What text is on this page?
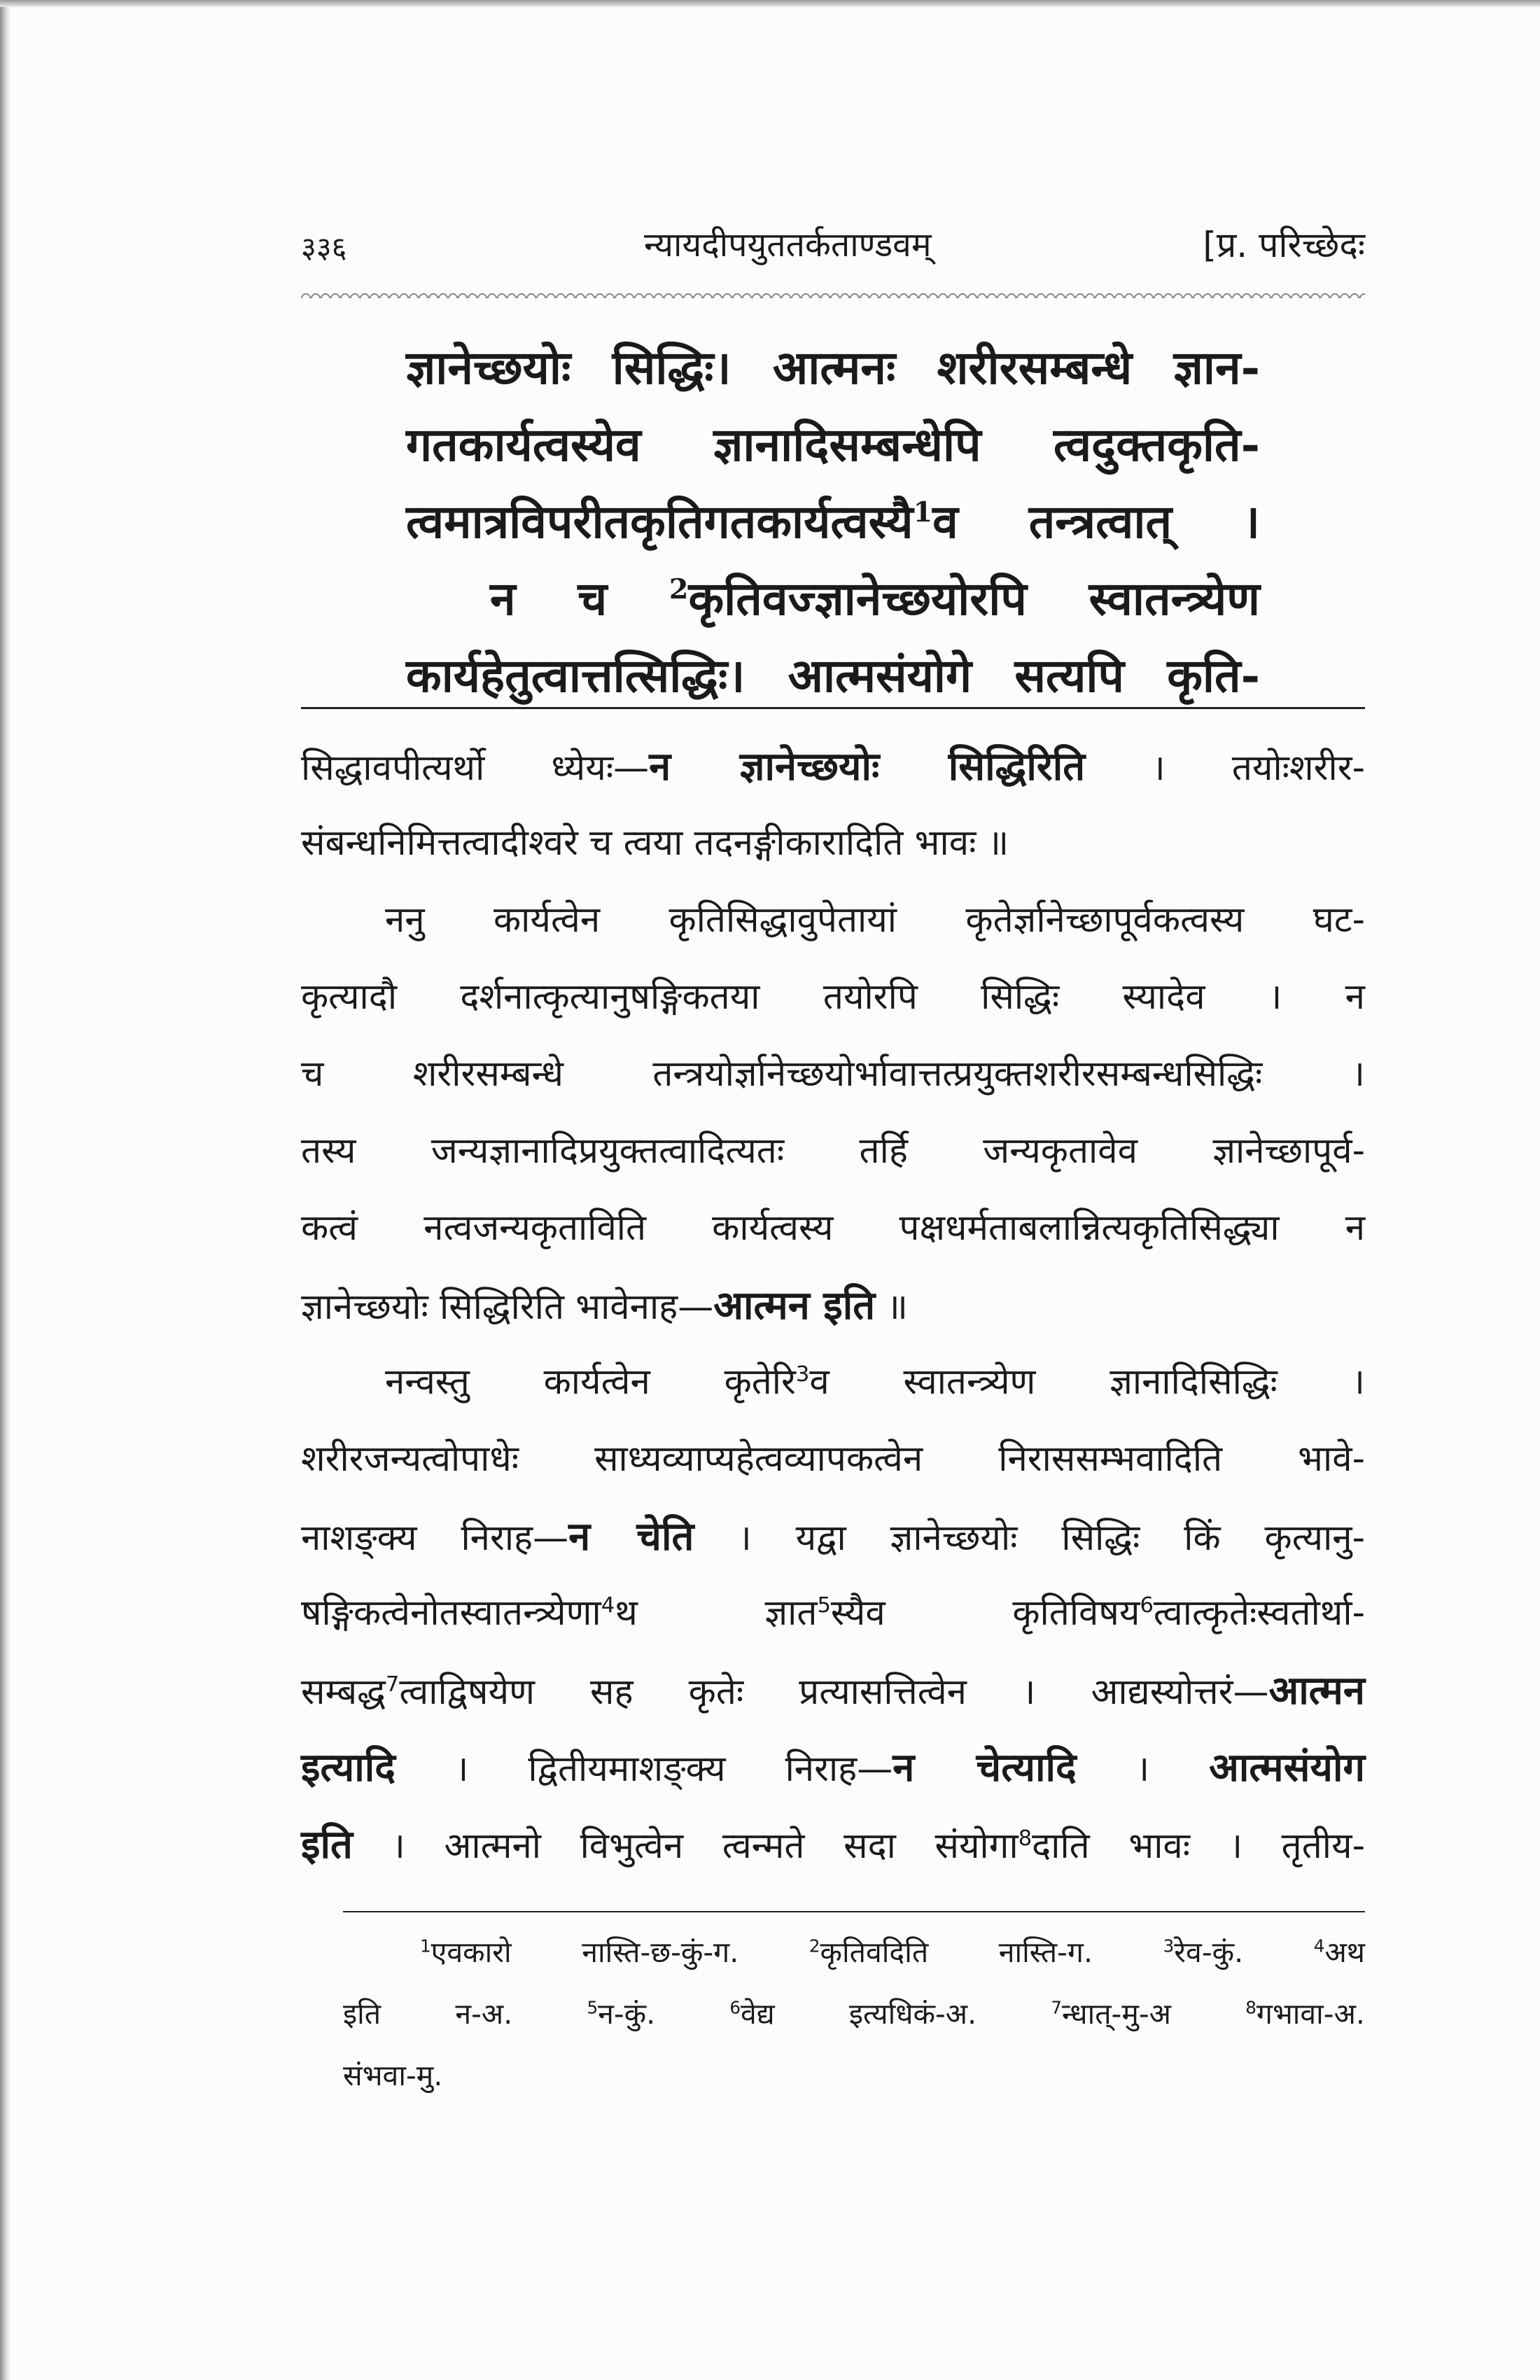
३३६	न्यायदीपयुततर्कताण्डवम्	[प्र. परिच्छेदः
ज्ञानेच्छयोः सिद्धिः। आत्मनः शरीरसम्बन्धे ज्ञान-
गतकार्यत्वस्येव ज्ञानादिसम्बन्धेपि त्वदुक्तकृति-
त्वमात्रविपरीतकृतिगतकार्यत्वस्यै$^1$व तन्त्रत्वात् ।
न च $^2$कृतिवज्ज्ञानेच्छयोरपि स्वातन्त्र्येण
कार्यहेतुत्वात्तत्सिद्धिः। आत्मसंयोगे सत्यपि कृति-
सिद्धावपीत्यर्थो ध्येयः—न ज्ञानेच्छयोः सिद्धिरिति । तयोःशरीर-
संबन्धनिमित्तत्वादीश्वरे च त्वया तदनङ्गीकारादिति भावः ॥
ननु कार्यत्वेन कृतिसिद्धावुपेतायां कृतेर्ज्ञानेच्छापूर्वकत्वस्य घट-
कृत्यादौ दर्शनात्कृत्यानुषङ्गिकतया तयोरपि सिद्धिः स्यादेव । न
च शरीरसम्बन्धे तन्त्रयोर्ज्ञानेच्छयोर्भावात्तत्प्रयुक्तशरीरसम्बन्धसिद्धिः ।
तस्य जन्यज्ञानादिप्रयुक्तत्वादित्यतः तर्हि जन्यकृतावेव ज्ञानेच्छापूर्व-
कत्वं नत्वजन्यकृताविति कार्यत्वस्य पक्षधर्मताबलान्नित्यकृतिसिद्ध्या न
ज्ञानेच्छयोः सिद्धिरिति भावेनाह—आत्मन इति ॥
नन्वस्तु कार्यत्वेन कृतेरि$^3$व स्वातन्त्र्येण ज्ञानादिसिद्धिः ।
शरीरजन्यत्वोपाधेः साध्यव्याप्यहेत्वव्यापकत्वेन निराससम्भवादिति भावे-
नाशङ्क्य निराह—न चेति । यद्वा ज्ञानेच्छयोः सिद्धिः किं कृत्यानु-
षङ्गिकत्वेनोतस्वातन्त्र्येणा$^4$थ ज्ञात$^5$स्यैव कृतिविषय$^6$त्वात्कृतेःस्वतोर्था-
सम्बद्ध$^7$त्वाद्विषयेण सह कृतेः प्रत्यासत्तित्वेन । आद्यस्योत्तरं—आत्मन
इत्यादि । द्वितीयमाशङ्क्य निराह—न चेत्यादि । आत्मसंयोग
इति । आत्मनो विभुत्वेन त्वन्मते सदा संयोगा$^8$दाति भावः । तृतीय-
$^1$एवकारो नास्ति-छ-कुं-ग.	$^2$कृतिवदिति नास्ति-ग.	$^3$रेव-कुं.	$^4$अथ
इति न-अ.	$^5$न-कुं.	$^6$वेद्य इत्यधिकं-अ.	$^7$न्धात्-मु-अ	$^8$गभावा-अ.
संभवा-मु.
